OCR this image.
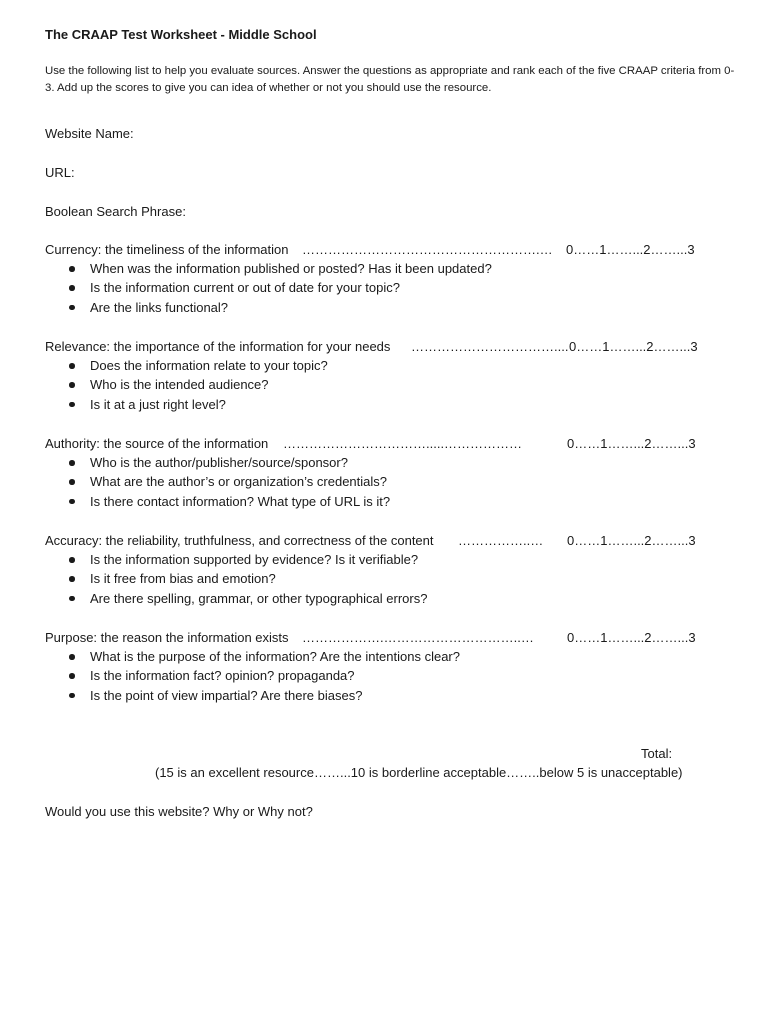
The CRAAP Test Worksheet - Middle School
Use the following list to help you evaluate sources. Answer the questions as appropriate and rank each of the five CRAAP criteria from 0-3. Add up the scores to give you can idea of whether or not you should use the resource.
Website Name:
URL:
Boolean Search Phrase:
Currency: the timeliness of the information ……………………………………………….… 0……1……...2……...3
When was the information published or posted? Has it been updated?
Is the information current or out of date for your topic?
Are the links functional?
Relevance: the importance of the information for your needs …………………………….... 0……1……...2……...3
Does the information relate to your topic?
Who is the intended audience?
Is it at a just right level?
Authority: the source of the information …………………………….....………………	0……1……...2……...3
Who is the author/publisher/source/sponsor?
What are the author’s or organization’s credentials?
Is there contact information? What type of URL is it?
Accuracy: the reliability, truthfulness, and correctness of the content ……………..… 0……1……...2……...3
Is the information supported by evidence? Is it verifiable?
Is it free from bias and emotion?
Are there spelling, grammar, or other typographical errors?
Purpose: the reason the information exists ……………….…………………………..…	0……1……...2……...3
What is the purpose of the information? Are the intentions clear?
Is the information fact? opinion? propaganda?
Is the point of view impartial? Are there biases?
Total:
(15 is an excellent resource……...10 is borderline acceptable……..below 5 is unacceptable)
Would you use this website? Why or Why not?
